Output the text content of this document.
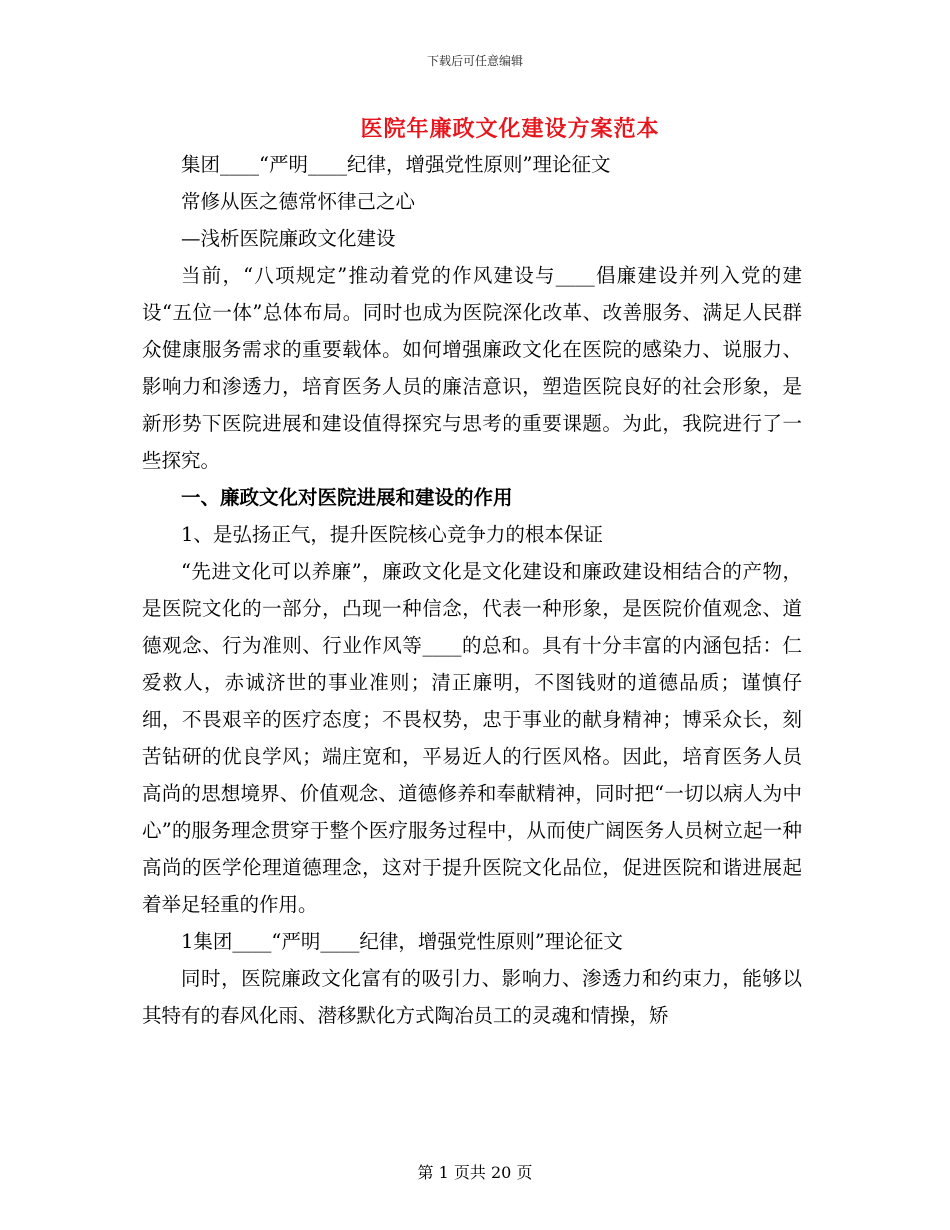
下载后可任意编辑
医院年廉政文化建设方案范本

集团____“严明____纪律，增强党性原则”理论征文

常修从医之德常怀律己之心

—浅析医院廉政文化建设

当前，“八项规定”推动着党的作风建设与____倡廉建设并列入党的建设“五位一体”总体布局。同时也成为医院深化改革、改善服务、满足人民群众健康服务需求的重要载体。如何增强廉政文化在医院的感染力、说服力、影响力和渗透力，培育医务人员的廉洁意识，塑造医院良好的社会形象，是新形势下医院进展和建设值得探究与思考的重要课题。为此，我院进行了一些探究。

一、廉政文化对医院进展和建设的作用

1、是弘扬正气，提升医院核心竞争力的根本保证

“先进文化可以养廉”，廉政文化是文化建设和廉政建设相结合的产物，是医院文化的一部分，凸现一种信念，代表一种形象，是医院价值观念、道德观念、行为准则、行业作风等____的总和。具有十分丰富的内涵包括：仁爱救人，赤诚济世的事业准则；清正廉明，不图钱财的道德品质；谨慎仔细，不畏艰辛的医疗态度；不畏权势，忠于事业的献身精神；博采众长，刻苦钻研的优良学风；端庄宽和，平易近人的行医风格。因此，培育医务人员高尚的思想境界、价值观念、道德修养和奉献精神，同时把“一切以病人为中心”的服务理念贯穿于整个医疗服务过程中，从而使广阔医务人员树立起一种高尚的医学伦理道德理念，这对于提升医院文化品位，促进医院和谐进展起着举足轻重的作用。

1集团____“严明____纪律，增强党性原则”理论征文

同时，医院廉政文化富有的吸引力、影响力、渗透力和约束力，能够以其特有的春风化雨、潜移默化方式陶冶员工的灵魂和情操，矫

第 1 页共 20 页
